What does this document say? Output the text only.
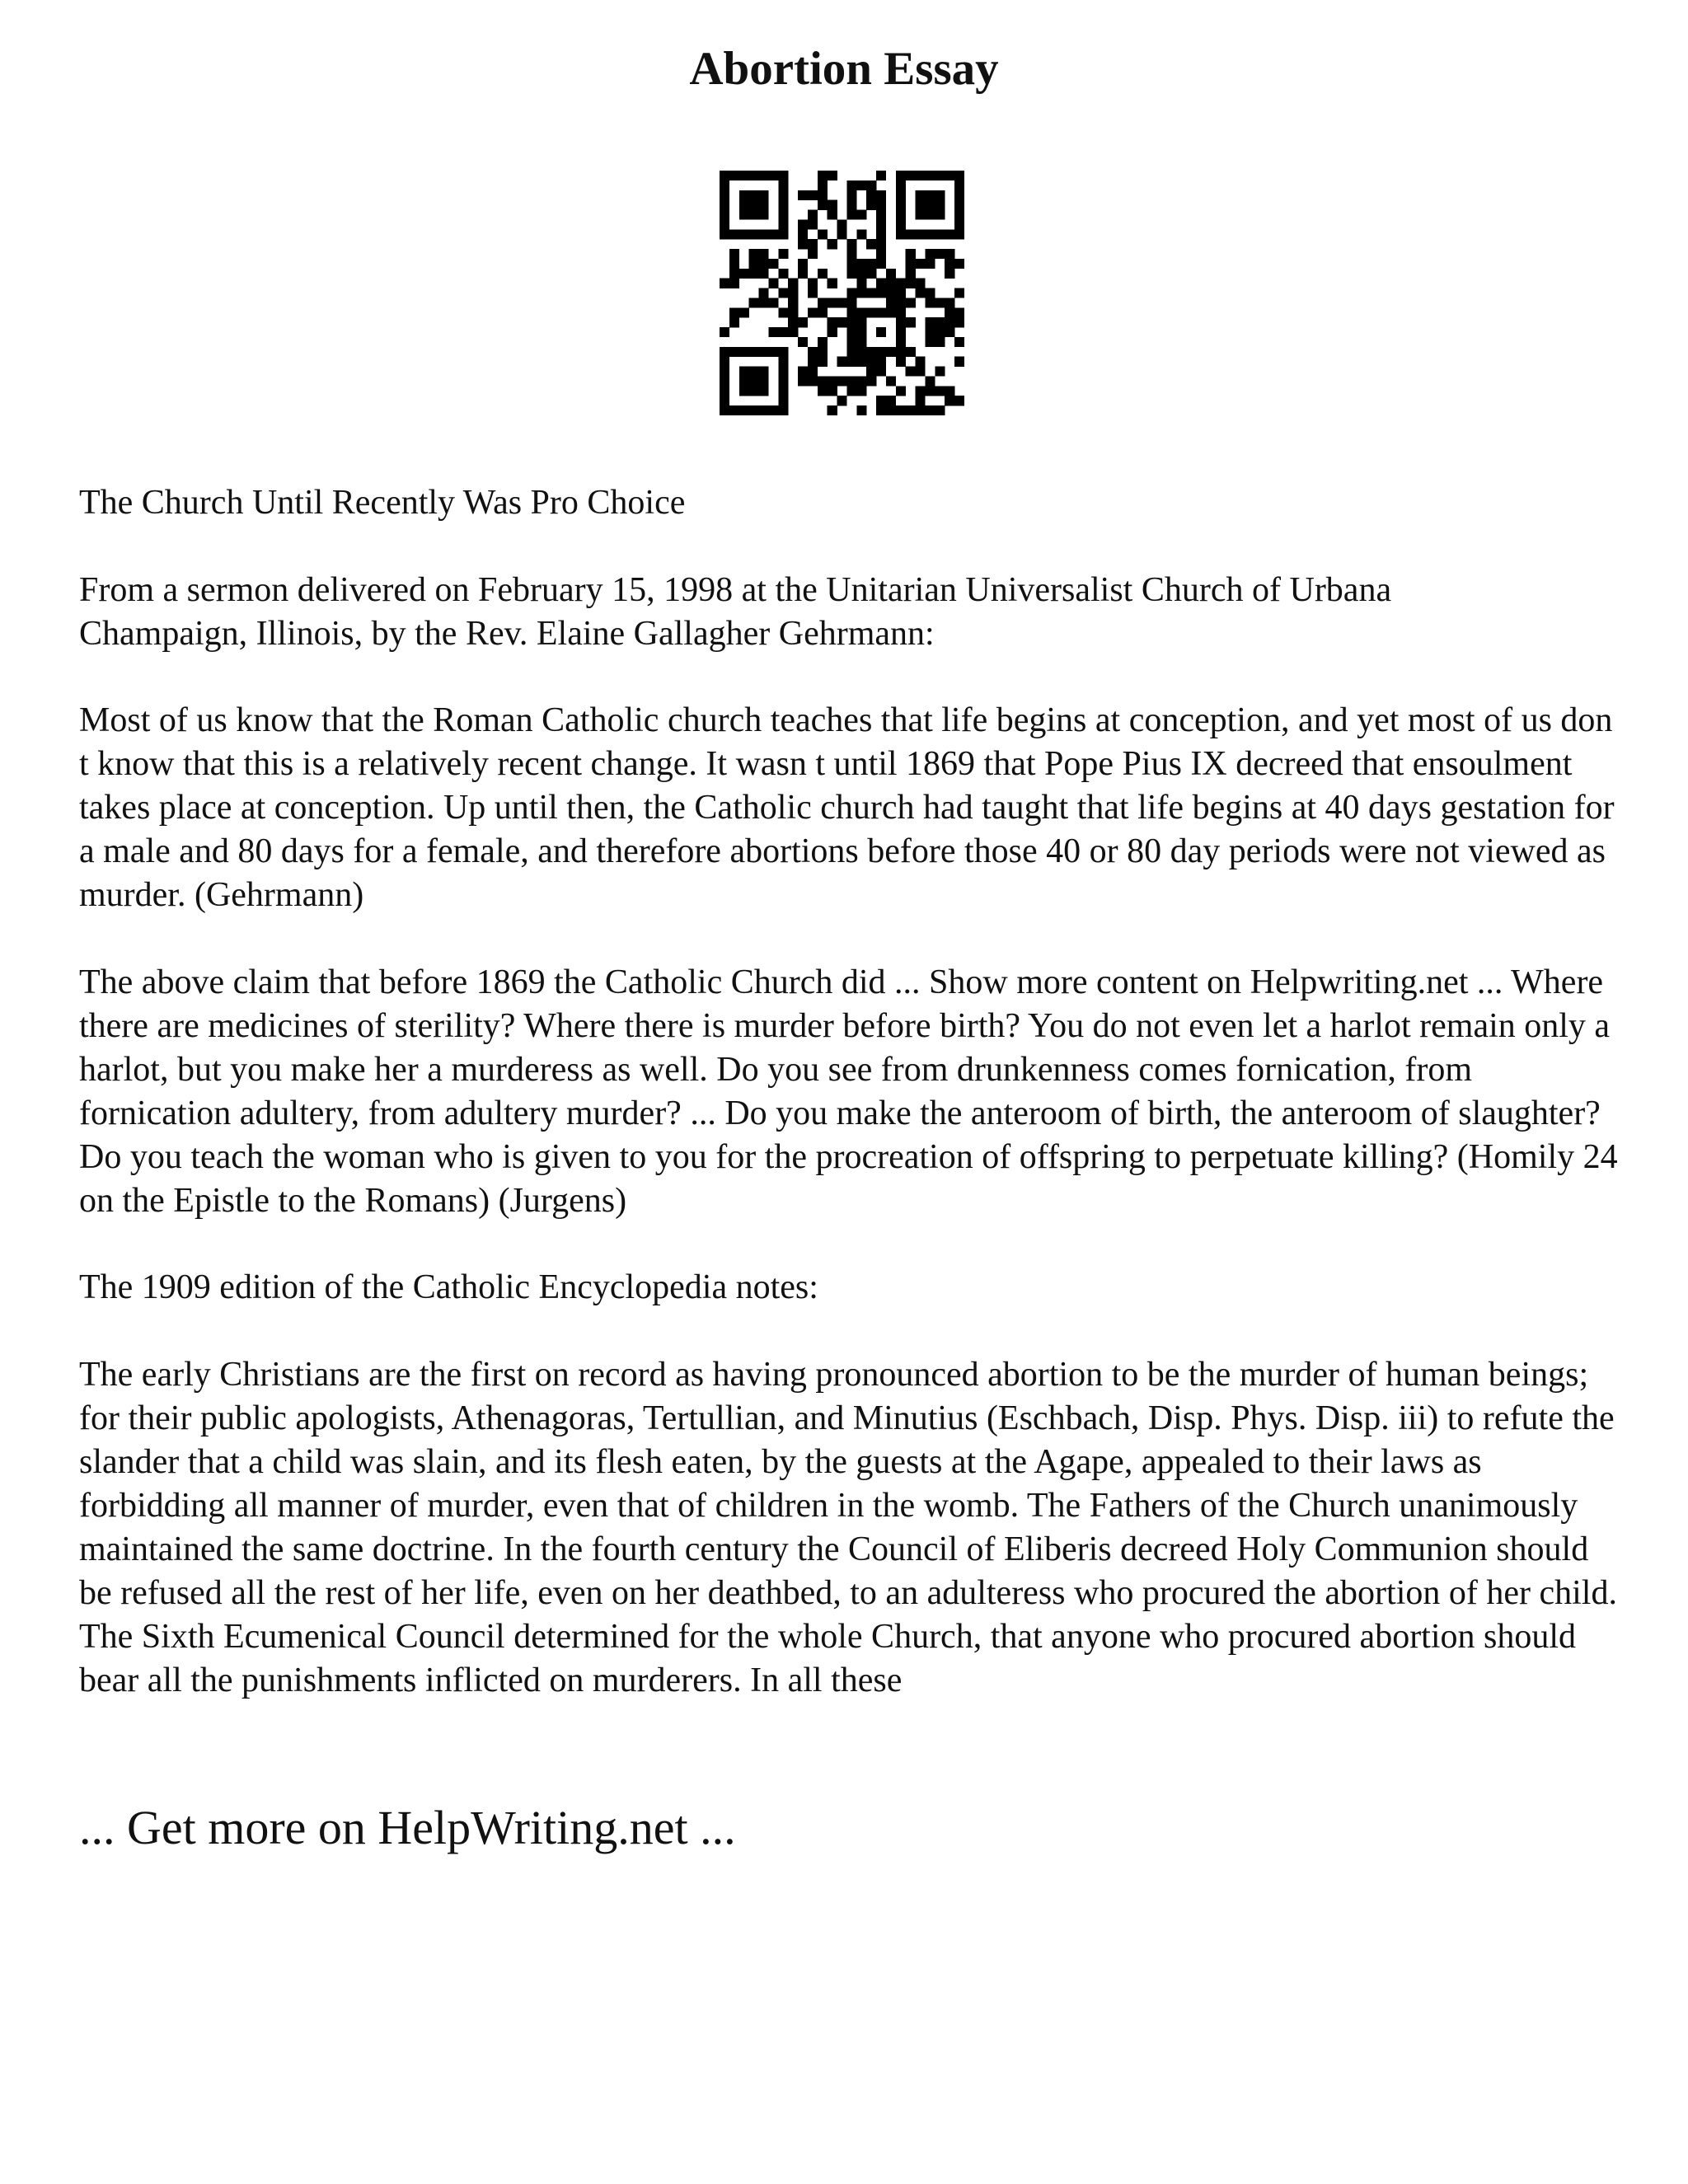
Abortion Essay

The Church Until Recently Was Pro Choice

From a sermon delivered on February 15, 1998 at the Unitarian Universalist Church of Urbana Champaign, Illinois, by the Rev. Elaine Gallagher Gehrmann:

Most of us know that the Roman Catholic church teaches that life begins at conception, and yet most of us don t know that this is a relatively recent change. It wasn t until 1869 that Pope Pius IX decreed that ensoulment takes place at conception. Up until then, the Catholic church had taught that life begins at 40 days gestation for a male and 80 days for a female, and therefore abortions before those 40 or 80 day periods were not viewed as murder. (Gehrmann)

The above claim that before 1869 the Catholic Church did ... Show more content on Helpwriting.net ... Where there are medicines of sterility? Where there is murder before birth? You do not even let a harlot remain only a harlot, but you make her a murderess as well. Do you see from drunkenness comes fornication, from fornication adultery, from adultery murder? ... Do you make the anteroom of birth, the anteroom of slaughter? Do you teach the woman who is given to you for the procreation of offspring to perpetuate killing? (Homily 24 on the Epistle to the Romans) (Jurgens)

The 1909 edition of the Catholic Encyclopedia notes:

The early Christians are the first on record as having pronounced abortion to be the murder of human beings; for their public apologists, Athenagoras, Tertullian, and Minutius (Eschbach, Disp. Phys. Disp. iii) to refute the slander that a child was slain, and its flesh eaten, by the guests at the Agape, appealed to their laws as forbidding all manner of murder, even that of children in the womb. The Fathers of the Church unanimously maintained the same doctrine. In the fourth century the Council of Eliberis decreed Holy Communion should be refused all the rest of her life, even on her deathbed, to an adulteress who procured the abortion of her child. The Sixth Ecumenical Council determined for the whole Church, that anyone who procured abortion should bear all the punishments inflicted on murderers. In all these

... Get more on HelpWriting.net ...
